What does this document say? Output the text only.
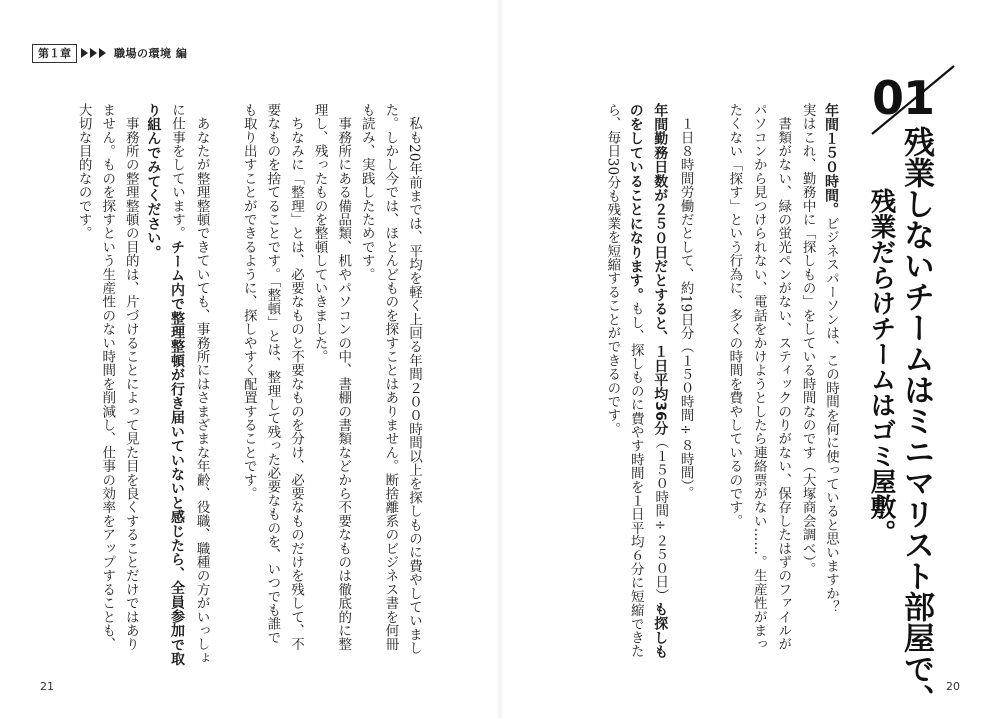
第１章	職場の環境 編
01
残業しないチームはミニマリスト部屋で、
残業だらけチームはゴミ屋敷。
年間１５０時間。ビジネスパーソンは、この時間を何に使っていると思いますか？
実はこれ、勤務中に「探しもの」をしている時間なのです（大塚商会調べ）。
　書類がない、緑の蛍光ペンがない、スティックのりがない、保存したはずのファイルが
パソコンから見つけられない、電話をかけようとしたら連絡票がない……。生産性がまっ
たくない「探す」という行為に、多くの時間を費やしているのです。
　１日８時間労働だとして、約19日分（１５０時間÷８時間）。
年間勤務日数が２５０日だとすると、１日平均36分（１５０時間÷２５０日）も探しも
のをしていることになります。もし、探しものに費やす時間を１日平均６分に短縮できた
ら、毎日30分も残業を短縮することができるのです。
　私も20年前までは、平均を軽く上回る年間２００時間以上を探しものに費やしていまし
た。しかし今では、ほとんどものを探すことはありません。断捨離系のビジネス書を何冊
も読み、実践したためです。
　事務所にある備品類、机やパソコンの中、書棚の書類などから不要なものは徹底的に整
理し、残ったものを整頓していきました。
　ちなみに「整理」とは、必要なものと不要なものを分け、必要なものだけを残して、不
要なものを捨てることです。「整頓」とは、整理して残った必要なものを、いつでも誰で
も取り出すことができるように、探しやすく配置することです。
　あなたが整理整頓できていても、事務所にはさまざまな年齢、役職、職種の方がいっしょ
に仕事をしています。チーム内で整理整頓が行き届いていないと感じたら、全員参加で取
り組んでみてください。
　事務所の整理整頓の目的は、片づけることによって見た目を良くすることだけではあり
ません。ものを探すという生産性のない時間を削減し、仕事の効率をアップすることも、
大切な目的なのです。
21	20
